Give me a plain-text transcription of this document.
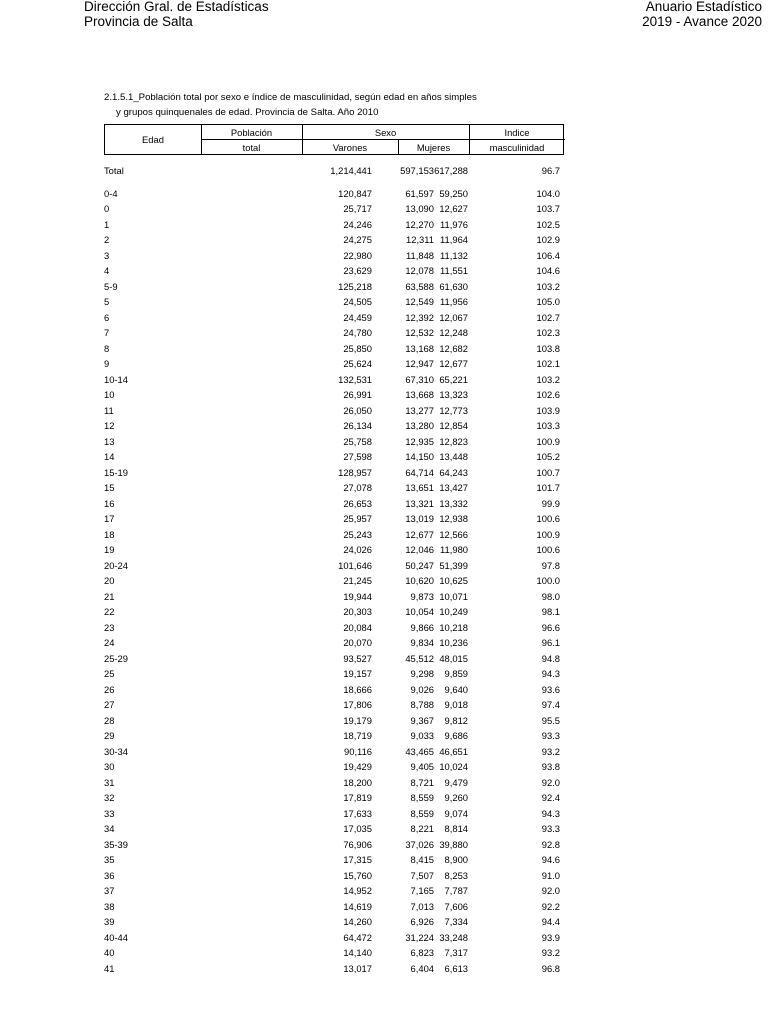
Dirección Gral. de Estadísticas
Provincia de Salta
Anuario Estadístico
2019 - Avance 2020
2.1.5.1_Población total por sexo e índice de masculinidad, según edad en años simples
y grupos quinquenales de edad. Provincia de Salta. Año 2010
Edad
Población
total
Sexo
Varones	Mujeres
Indice
masculinidad
Total	1,214,441	597,153 617,288	96.7
0-4	120,847	61,597 59,250	104.0
0	25,717	13,090 12,627	103.7
1	24,246	12,270 11,976	102.5
2	24,275	12,311 11,964	102.9
3	22,980	11,848 11,132	106.4
4	23,629	12,078 11,551	104.6
5-9	125,218	63,588 61,630	103.2
5	24,505	12,549 11,956	105.0
6	24,459	12,392 12,067	102.7
7	24,780	12,532 12,248	102.3
8	25,850	13,168 12,682	103.8
9	25,624	12,947 12,677	102.1
10-14	132,531	67,310 65,221	103.2
10	26,991	13,668 13,323	102.6
11	26,050	13,277 12,773	103.9
12	26,134	13,280 12,854	103.3
13	25,758	12,935 12,823	100.9
14	27,598	14,150 13,448	105.2
15-19	128,957	64,714 64,243	100.7
15	27,078	13,651 13,427	101.7
16	26,653	13,321 13,332	99.9
17	25,957	13,019 12,938	100.6
18	25,243	12,677 12,566	100.9
19	24,026	12,046 11,980	100.6
20-24	101,646	50,247 51,399	97.8
20	21,245	10,620 10,625	100.0
21	19,944	9,873 10,071	98.0
22	20,303	10,054 10,249	98.1
23	20,084	9,866 10,218	96.6
24	20,070	9,834 10,236	96.1
25-29	93,527	45,512 48,015	94.8
25	19,157	9,298 9,859	94.3
26	18,666	9,026 9,640	93.6
27	17,806	8,788 9,018	97.4
28	19,179	9,367 9,812	95.5
29	18,719	9,033 9,686	93.3
30-34	90,116	43,465 46,651	93.2
30	19,429	9,405 10,024	93.8
31	18,200	8,721 9,479	92.0
32	17,819	8,559 9,260	92.4
33	17,633	8,559 9,074	94.3
34	17,035	8,221 8,814	93.3
35-39	76,906	37,026 39,880	92.8
35	17,315	8,415 8,900	94.6
36	15,760	7,507 8,253	91.0
37	14,952	7,165 7,787	92.0
38	14,619	7,013 7,606	92.2
39	14,260	6,926 7,334	94.4
40-44	64,472	31,224 33,248	93.9
40	14,140	6,823 7,317	93.2
41	13,017	6,404 6,613	96.8
